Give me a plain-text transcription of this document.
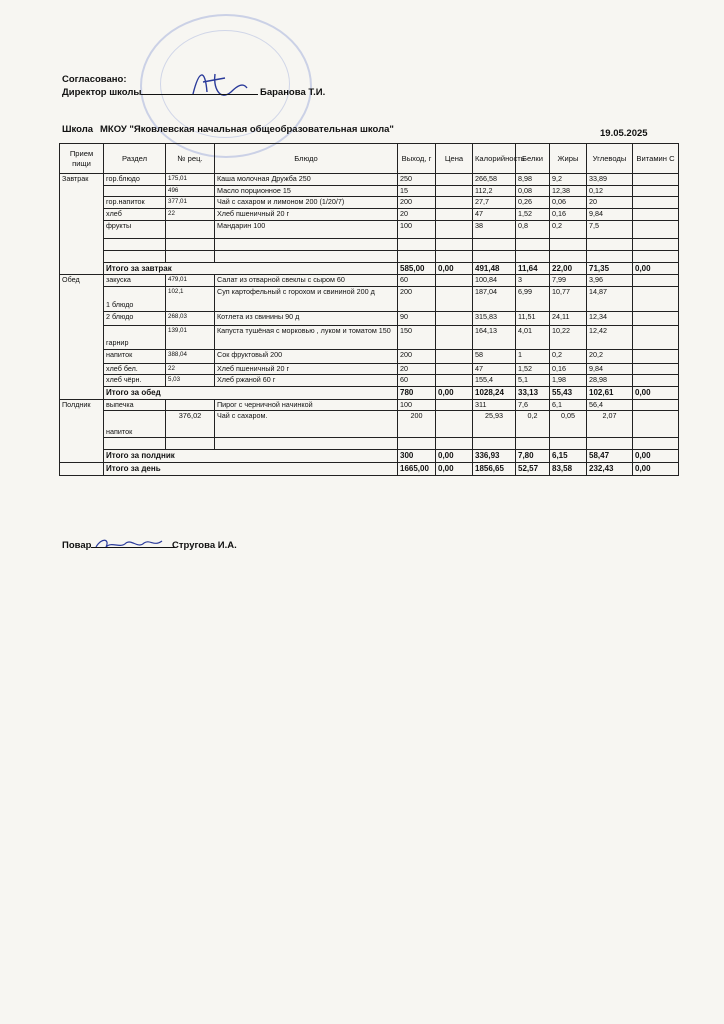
Согласовано:
Директор школы	Баранова Т.И.
Школа МКОУ "Яковлевская начальная общеобразовательная школа"	19.05.2025
Прием пищи	Раздел	№ рец.	Блюдо	Выход, г	Цена	Калорийность	Белки	Жиры	Углеводы	Витамин С
Завтрак	гор.блюдо	175,01	Каша молочная Дружба 250	250		266,58	8,98	9,2	33,89	
		496	Масло порционное 15	15		112,2	0,08	12,38	0,12	
	гор.напиток	377,01	Чай с сахаром и лимоном 200 (1/20/7)	200		27,7	0,26	0,06	20	
	хлеб	22	Хлеб пшеничный 20 г	20		47	1,52	0,16	9,84	
	фрукты		Мандарин 100	100		38	0,8	0,2	7,5	

	Итого за завтрак			585,00	0,00	491,48	11,64	22,00	71,35	0,00
Обед	закуска	479,01	Салат из отварной свеклы с сыром 60	60		100,84	3	7,99	3,96	
	1 блюдо	102,1	Суп картофельный с горохом и свининой 200 д	200		187,04	6,99	10,77	14,87	
	2 блюдо	268,03	Котлета из свинины 90 д	90		315,83	11,51	24,11	12,34	
	гарнир	139,01	Капуста тушёная с морковью , луком и томатом 150	150		164,13	4,01	10,22	12,42	
	напиток	388,04	Сок фруктовый 200	200		58	1	0,2	20,2	
	хлеб бел.	22	Хлеб пшеничный 20 г	20		47	1,52	0,16	9,84	
	хлеб чёрн.	5,03	Хлеб ржаной 60 г	60		155,4	5,1	1,98	28,98	
	Итого за обед			780	0,00	1028,24	33,13	55,43	102,61	0,00
Полдник	выпечка		Пирог с черничной начинкой	100		311	7,6	6,1	56,4	
	напиток	376,02	Чай с сахаром.	200		25,93	0,2	0,05	2,07	

	Итого за полдник			300	0,00	336,93	7,80	6,15	58,47	0,00
	Итого за день			1665,00	0,00	1856,65	52,57	83,58	232,43	0,00
Повар	Стругова И.А.
